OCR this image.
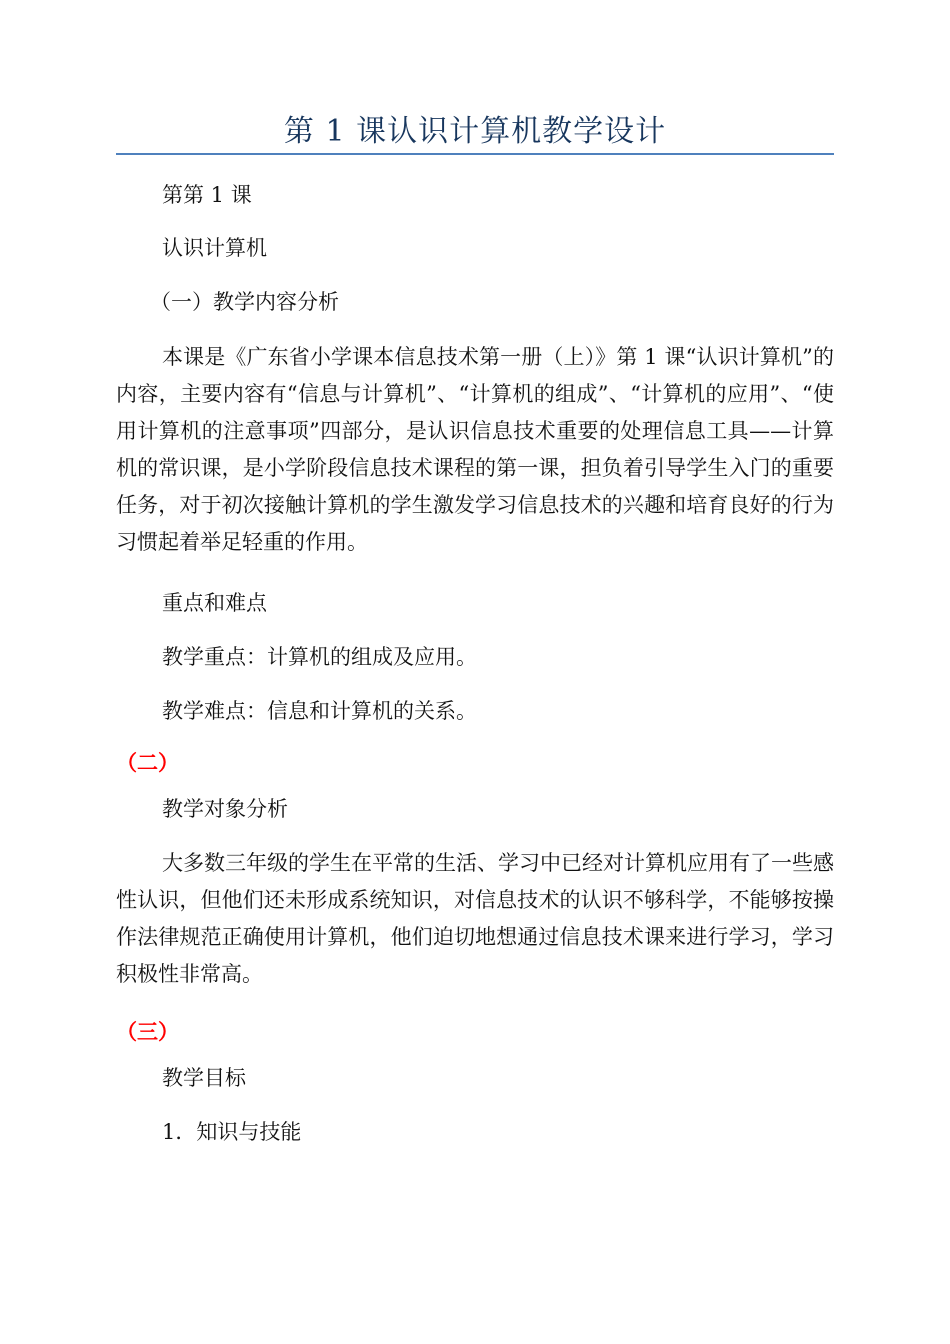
第 1 课认识计算机教学设计
第第 1 课
认识计算机
（一）教学内容分析
本课是《广东省小学课本信息技术第一册（上）》第 1 课“认识计算机”的内容，主要内容有“信息与计算机”、“计算机的组成”、“计算机的应用”、“使用计算机的注意事项”四部分，是认识信息技术重要的处理信息工具——计算机的常识课，是小学阶段信息技术课程的第一课，担负着引导学生入门的重要任务，对于初次接触计算机的学生激发学习信息技术的兴趣和培育良好的行为习惯起着举足轻重的作用。
重点和难点
教学重点：计算机的组成及应用。
教学难点：信息和计算机的关系。
（二）
教学对象分析
大多数三年级的学生在平常的生活、学习中已经对计算机应用有了一些感性认识，但他们还未形成系统知识，对信息技术的认识不够科学，不能够按操作法律规范正确使用计算机，他们迫切地想通过信息技术课来进行学习，学习积极性非常高。
（三）
教学目标
1．知识与技能
